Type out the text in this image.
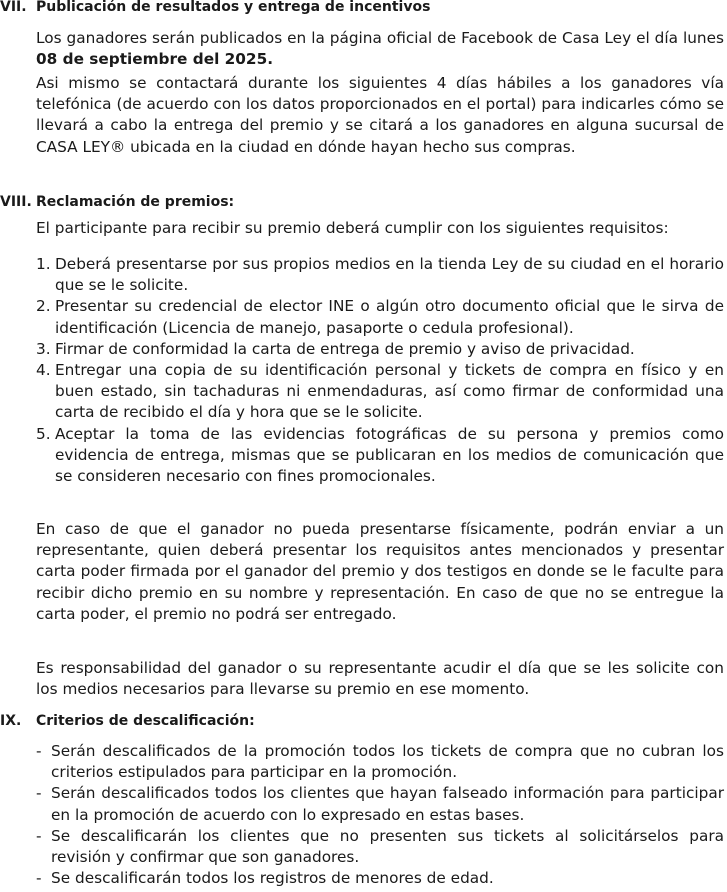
VII. Publicación de resultados y entrega de incentivos
Los ganadores serán publicados en la página oficial de Facebook de Casa Ley el día lunes 08 de septiembre del 2025.
Asi mismo se contactará durante los siguientes 4 días hábiles a los ganadores vía telefónica (de acuerdo con los datos proporcionados en el portal) para indicarles cómo se llevará a cabo la entrega del premio y se citará a los ganadores en alguna sucursal de CASA LEY® ubicada en la ciudad en dónde hayan hecho sus compras.
VIII. Reclamación de premios:
El participante para recibir su premio deberá cumplir con los siguientes requisitos:
1. Deberá presentarse por sus propios medios en la tienda Ley de su ciudad en el horario que se le solicite.
2. Presentar su credencial de elector INE o algún otro documento oficial que le sirva de identificación (Licencia de manejo, pasaporte o cedula profesional).
3. Firmar de conformidad la carta de entrega de premio y aviso de privacidad.
4. Entregar una copia de su identificación personal y tickets de compra en físico y en buen estado, sin tachaduras ni enmendaduras, así como firmar de conformidad una carta de recibido el día y hora que se le solicite.
5. Aceptar la toma de las evidencias fotográficas de su persona y premios como evidencia de entrega, mismas que se publicaran en los medios de comunicación que se consideren necesario con fines promocionales.
En caso de que el ganador no pueda presentarse físicamente, podrán enviar a un representante, quien deberá presentar los requisitos antes mencionados y presentar carta poder firmada por el ganador del premio y dos testigos en donde se le faculte para recibir dicho premio en su nombre y representación. En caso de que no se entregue la carta poder, el premio no podrá ser entregado.
Es responsabilidad del ganador o su representante acudir el día que se les solicite con los medios necesarios para llevarse su premio en ese momento.
IX. Criterios de descalificación:
- Serán descalificados de la promoción todos los tickets de compra que no cubran los criterios estipulados para participar en la promoción.
- Serán descalificados todos los clientes que hayan falseado información para participar en la promoción de acuerdo con lo expresado en estas bases.
- Se descalificarán los clientes que no presenten sus tickets al solicitárselos para revisión y confirmar que son ganadores.
- Se descalificarán todos los registros de menores de edad.
